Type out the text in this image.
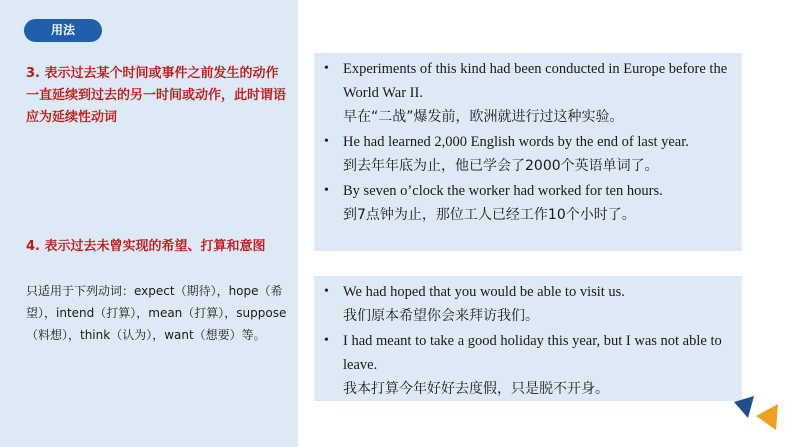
用法
3. 表示过去某个时间或事件之前发生的动作一直延续到过去的另一时间或动作，此时谓语应为延续性动词
4. 表示过去未曾实现的希望、打算和意图
只适用于下列动词：expect（期待），hope（希望），intend（打算），mean（打算），suppose（料想），think（认为），want（想要）等。
• Experiments of this kind had been conducted in Europe before the World War II.
早在“二战”爆发前，欧洲就进行过这种实验。
• He had learned 2,000 English words by the end of last year.
到去年年底为止，他已学会了2000个英语单词了。
• By seven o’clock the worker had worked for ten hours.
到7点钟为止，那位工人已经工作10个小时了。
• We had hoped that you would be able to visit us.
我们原本希望你会来拜访我们。
• I had meant to take a good holiday this year, but I was not able to leave.
我本打算今年好好去度假，只是脱不开身。
